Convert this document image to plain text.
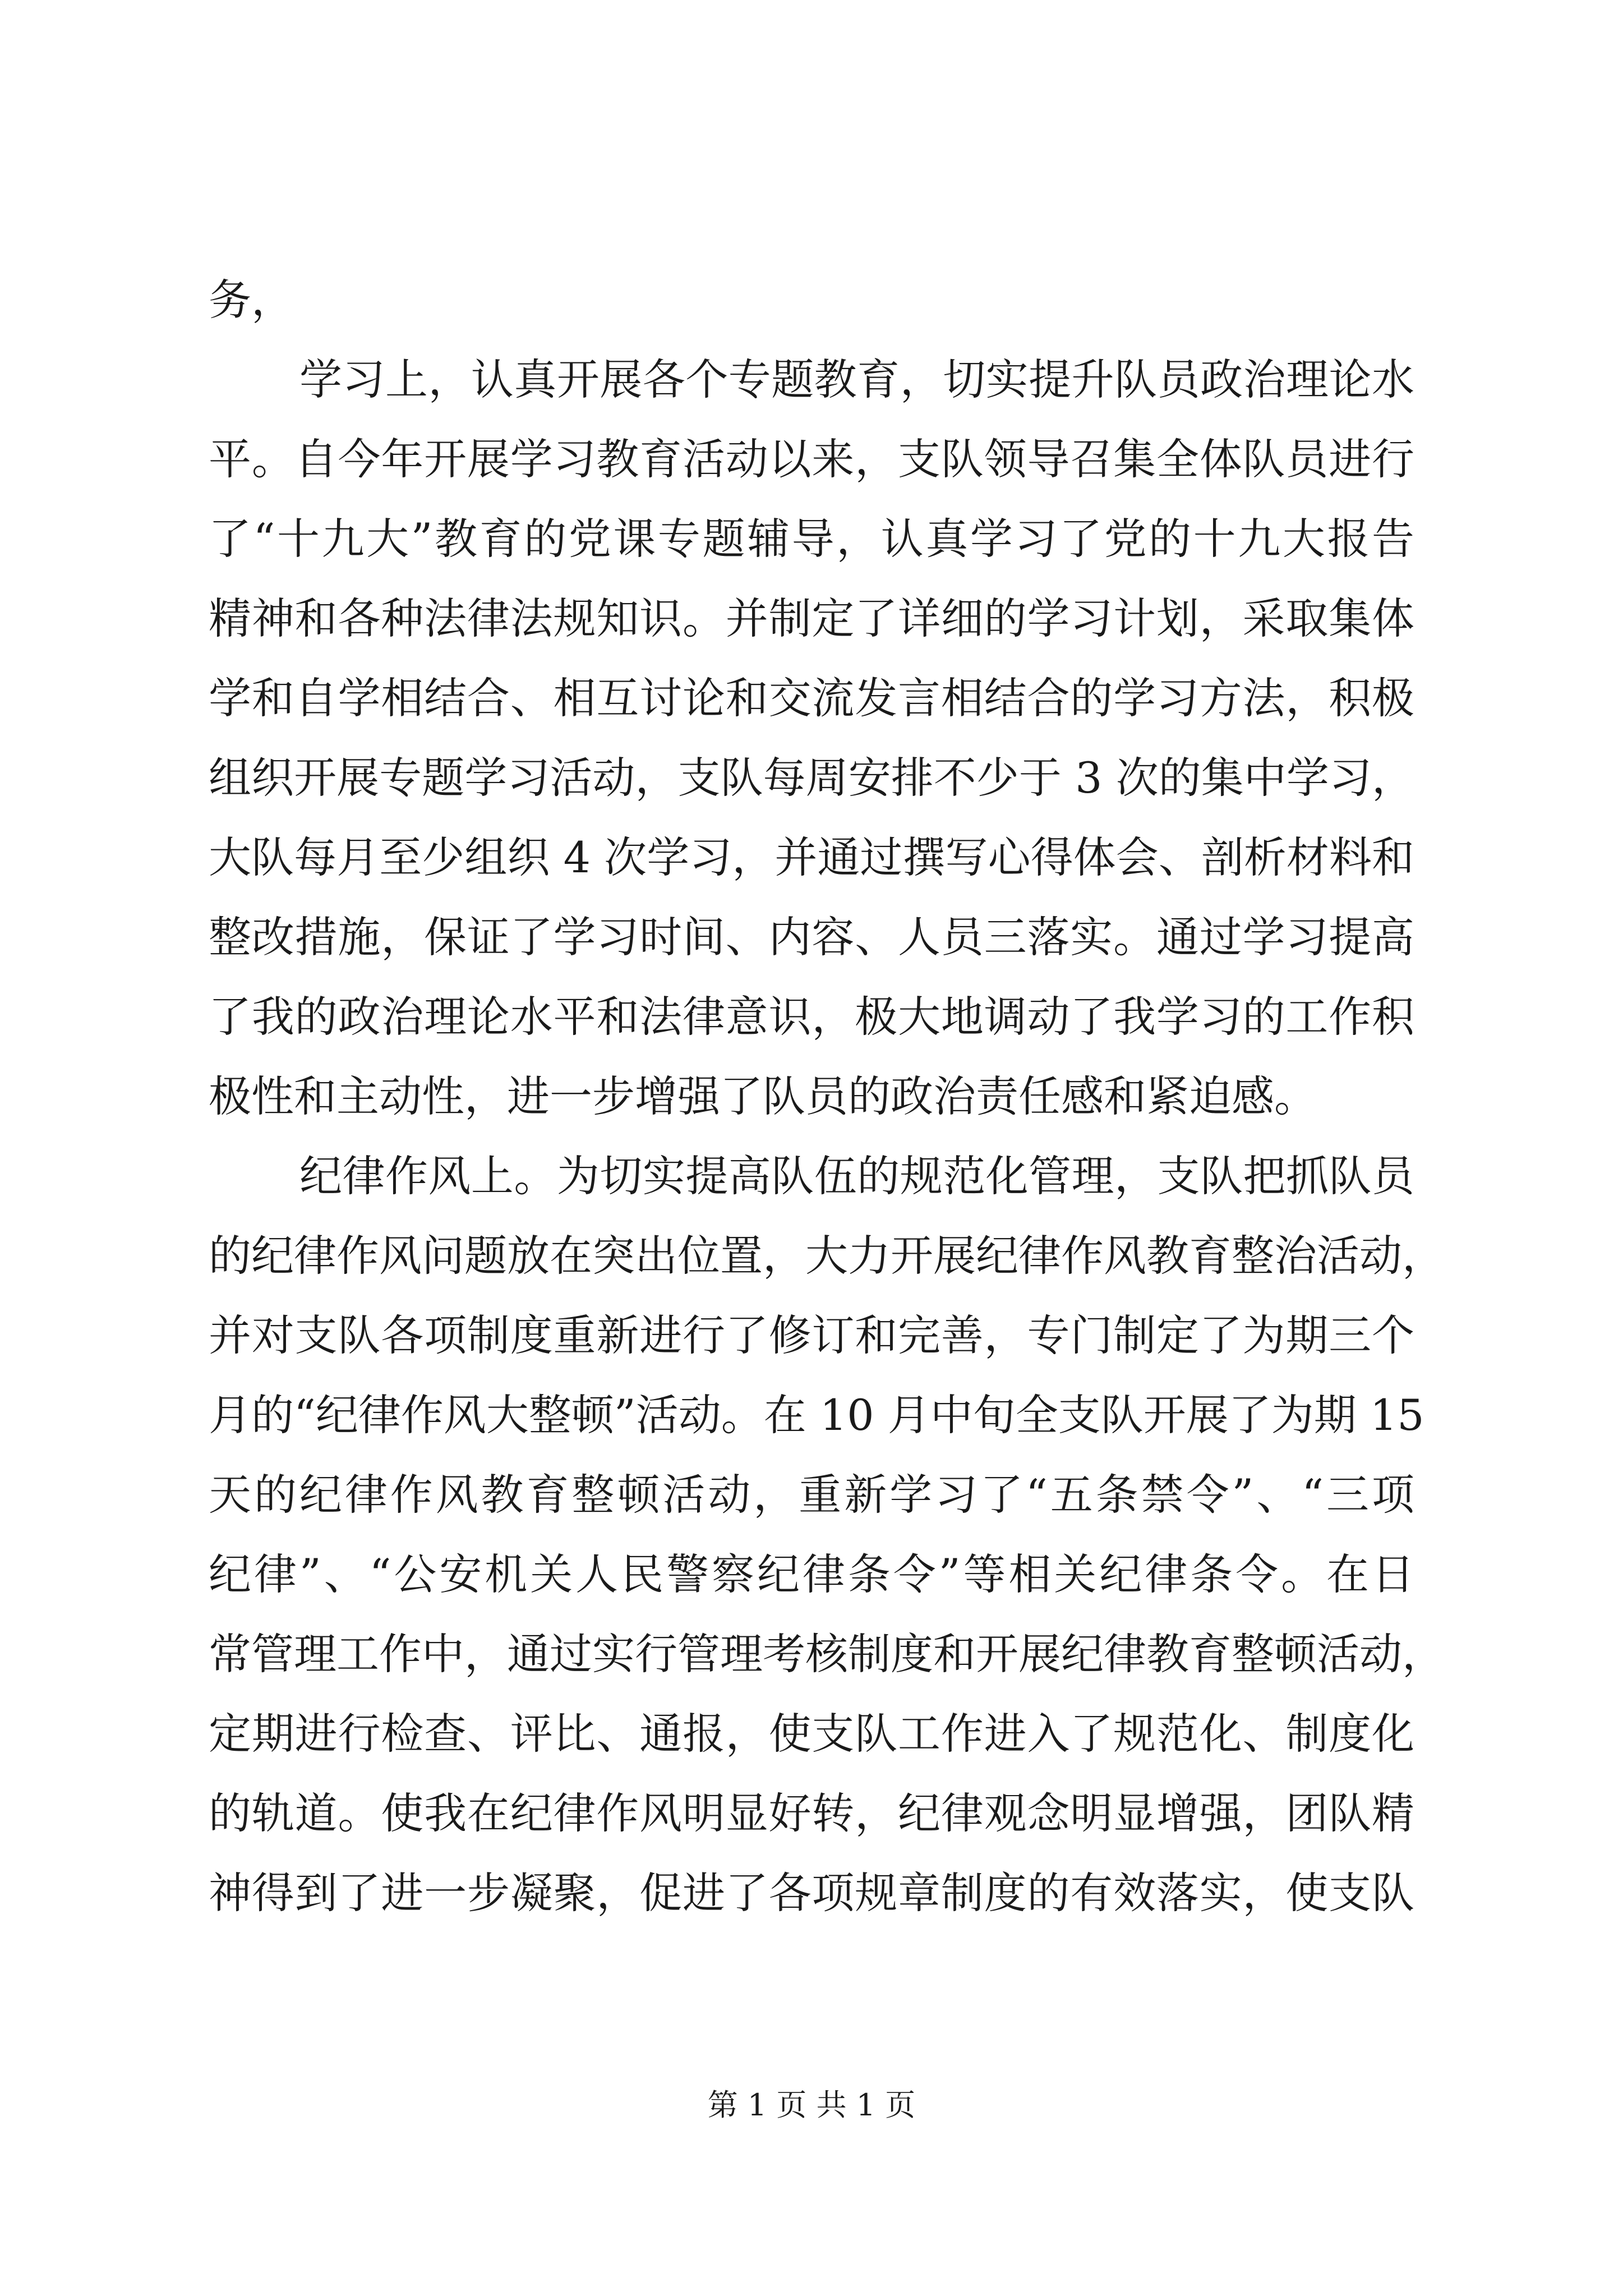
务，
学习上，认真开展各个专题教育，切实提升队员政治理论水
平。自今年开展学习教育活动以来，支队领导召集全体队员进行
了“十九大”教育的党课专题辅导，认真学习了党的十九大报告
精神和各种法律法规知识。并制定了详细的学习计划，采取集体
学和自学相结合、相互讨论和交流发言相结合的学习方法，积极
组织开展专题学习活动，支队每周安排不少于 3 次的集中学习，
大队每月至少组织 4 次学习，并通过撰写心得体会、剖析材料和
整改措施，保证了学习时间、内容、人员三落实。通过学习提高
了我的政治理论水平和法律意识，极大地调动了我学习的工作积
极性和主动性，进一步增强了队员的政治责任感和紧迫感。
纪律作风上。为切实提高队伍的规范化管理，支队把抓队员
的纪律作风问题放在突出位置，大力开展纪律作风教育整治活动，
并对支队各项制度重新进行了修订和完善，专门制定了为期三个
月的“纪律作风大整顿”活动。在 10 月中旬全支队开展了为期 15
天的纪律作风教育整顿活动，重新学习了“五条禁令”、“三项
纪律”、“公安机关人民警察纪律条令”等相关纪律条令。在日
常管理工作中，通过实行管理考核制度和开展纪律教育整顿活动，
定期进行检查、评比、通报，使支队工作进入了规范化、制度化
的轨道。使我在纪律作风明显好转，纪律观念明显增强，团队精
神得到了进一步凝聚，促进了各项规章制度的有效落实，使支队
第 1 页 共 1 页
